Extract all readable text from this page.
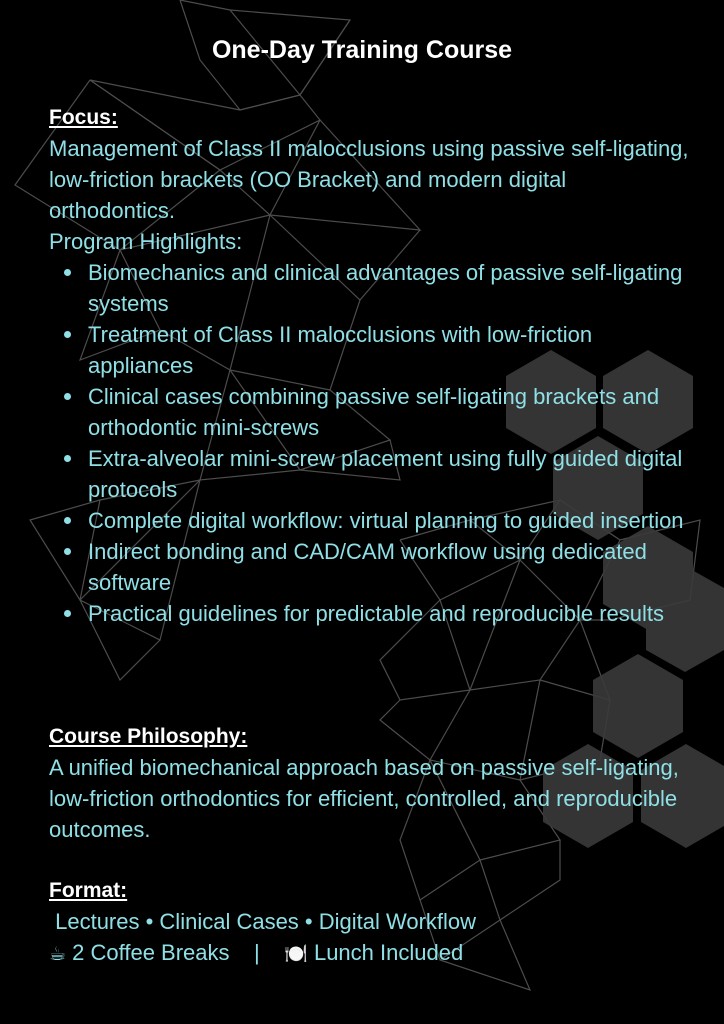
One-Day Training Course
Focus:
Management of Class II malocclusions using passive self-ligating, low-friction brackets (OO Bracket) and modern digital orthodontics.
Program Highlights:
Biomechanics and clinical advantages of passive self-ligating systems
Treatment of Class II malocclusions with low-friction appliances
Clinical cases combining passive self-ligating brackets and orthodontic mini-screws
Extra-alveolar mini-screw placement using fully guided digital protocols
Complete digital workflow: virtual planning to guided insertion
Indirect bonding and CAD/CAM workflow using dedicated software
Practical guidelines for predictable and reproducible results
Course Philosophy:
A unified biomechanical approach based on passive self-ligating, low-friction orthodontics for efficient, controlled, and reproducible outcomes.
Format:
Lectures • Clinical Cases • Digital Workflow
☕ 2 Coffee Breaks | 🍽️ Lunch Included
